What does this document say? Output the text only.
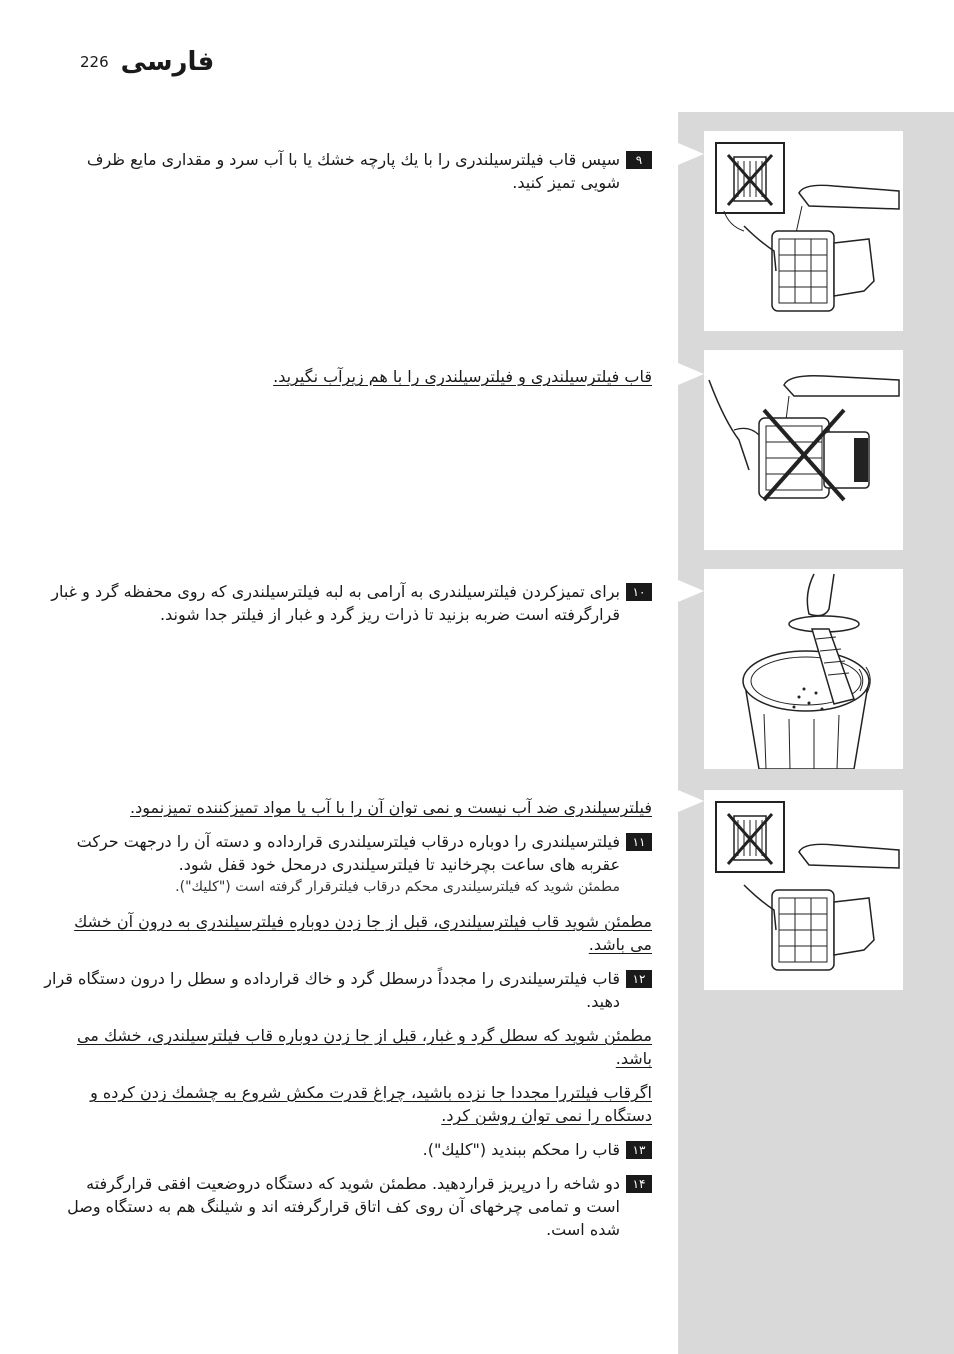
226 فارسی
۹
سپس قاب فیلترسیلندری را با یك پارچه خشك یا با آب سرد و مقداری مایع ظرف
شویی تمیز کنید.
قاب فیلترسیلندری و فیلترسیلندری را با هم زیرآب نگیرید.
۱۰
برای تمیزکردن فیلترسیلندری به آرامی به لبه فیلترسیلندری که روی محفظه گرد و غبار
قرارگرفته است ضربه بزنید تا ذرات ریز گرد و غبار از فیلتر جدا شوند.
فیلترسیلندری ضد آب نیست و نمی توان آن را با آب یا مواد تمیزکننده تمیزنمود.
۱۱
فیلترسیلندری را دوباره درقاب فیلترسیلندری قرارداده و دسته آن را درجهت حرکت
عقربه های ساعت بچرخانید تا فیلترسیلندری درمحل خود قفل شود.
مطمئن شوید که فیلترسیلندری محکم درقاب فیلترقرار گرفته است ("کلیك").
مطمئن شوید قاب فیلترسیلندری، قبل از جا زدن دوباره فیلترسیلندری به درون آن خشك
می باشد.
۱۲
قاب فیلترسیلندری را مجدداً درسطل گرد و خاك قرارداده و سطل را درون دستگاه قرار
دهید.
مطمئن شوید که سطل گرد و غبار، قبل از جا زدن دوباره قاب فیلترسیلندری، خشك می
باشد.
اگرقاب فیلتررا مجددا جا نزده باشید، چراغ قدرت مکش شروع به چشمك زدن کرده و
دستگاه را نمی توان روشن کرد.
۱۳
قاب را محکم ببندید ("کلیك").
۱۴
دو شاخه را درپریز قراردهید. مطمئن شوید که دستگاه دروضعیت افقی قرارگرفته
است و تمامی چرخهای آن روی کف اتاق قرارگرفته اند و شیلنگ هم به دستگاه وصل
شده است.
